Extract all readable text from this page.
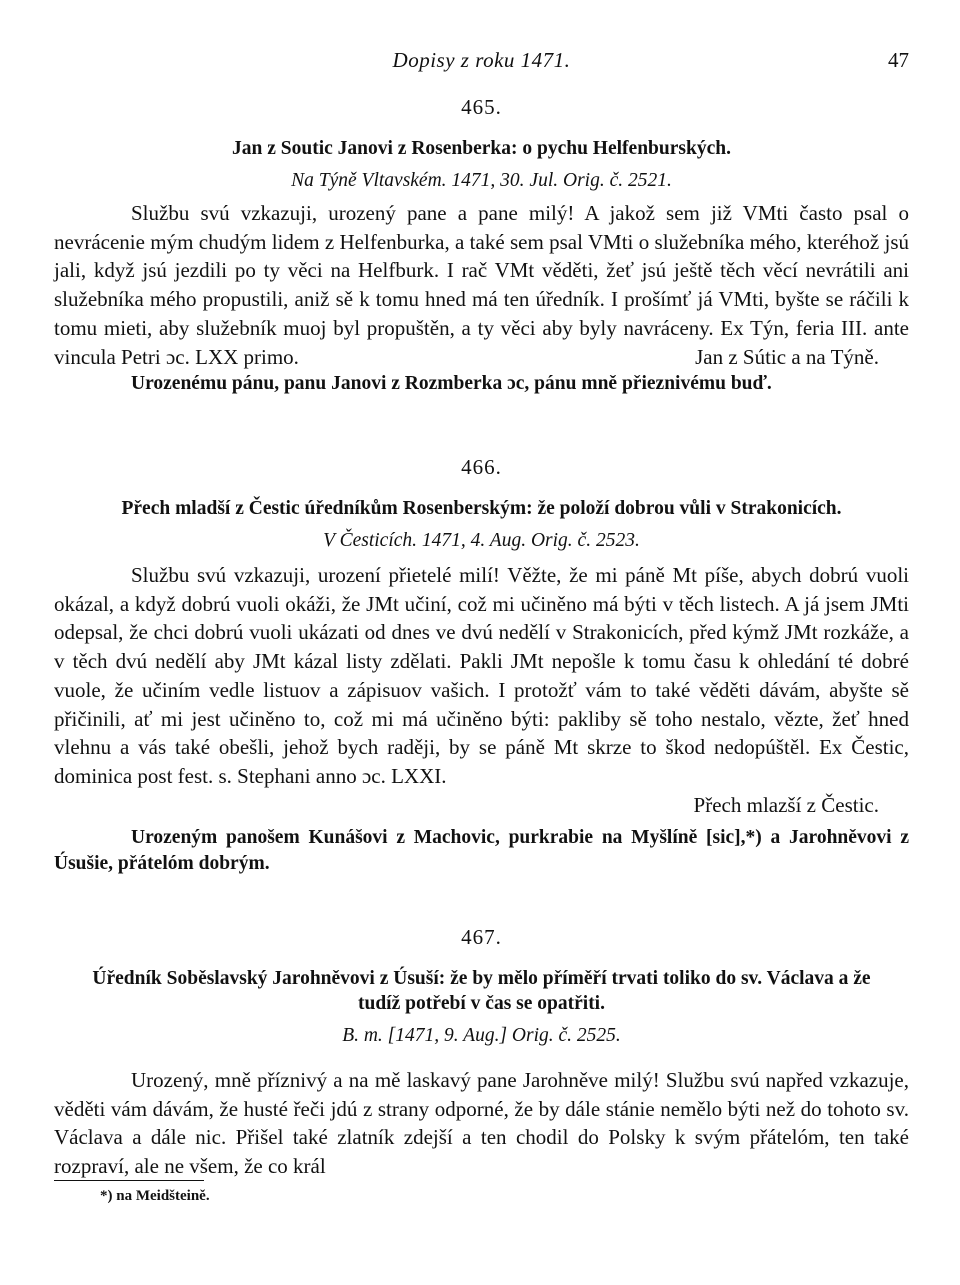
Dopisy z roku 1471.	47
465.
Jan z Soutic Janovi z Rosenberka: o pychu Helfenburských.
Na Týně Vltavském. 1471, 30. Jul. Orig. č. 2521.

Službu svú vzkazuji, urozený pane a pane milý! A jakož sem již VMti často psal o nevrácenie mým chudým lidem z Helfenburka, a také sem psal VMti o služebníka mého, kteréhož jsú jali, když jsú jezdili po ty věci na Helfburk. I rač VMt věděti, žeť jsú ještě těch věcí nevrátili ani služebníka mého propustili, aniž sě k tomu hned má ten úředník. I prošímť já VMti, byšte se ráčili k tomu mieti, aby služebník muoj byl propuštěn, a ty věci aby byly navráceny. Ex Týn, feria III. ante vincula Petri ɔc. LXX primo.	Jan z Sútic a na Týně.
Urozenému pánu, panu Janovi z Rozmberka ɔc, pánu mně přieznivému buď.
466.
Přech mladší z Čestic úředníkům Rosenberským: že položí dobrou vůli v Strakonicích.
V Česticích. 1471, 4. Aug. Orig. č. 2523.

Službu svú vzkazuji, urození přietelé milí! Věžte, že mi páně Mt píše, abych dobrú vuoli okázal, a když dobrú vuoli okáži, že JMt učiní, což mi učiněno má býti v těch listech. A já jsem JMti odepsal, že chci dobrú vuoli ukázati od dnes ve dvú nedělí v Strakonicích, před kýmž JMt rozkáže, a v těch dvú nedělí aby JMt kázal listy zdělati. Pakli JMt nepošle k tomu času k ohledání té dobré vuole, že učiním vedle listuov a zápisuov vašich. I protožť vám to také věděti dávám, abyšte sě přičinili, ať mi jest učiněno to, což mi má učiněno býti: pakliby sě toho nestalo, vězte, žeť hned vlehnu a vás také obešli, jehož bych raději, by se páně Mt skrze to škod nedopúštěl. Ex Čestic, dominica post fest. s. Stephani anno ɔc. LXXI.

Přech mlazší z Čestic.
Urozeným panošem Kunášovi z Machovic, purkrabie na Myšlíně [sic],*) a Jarohněvovi z Úsušie, přátelóm dobrým.
467.
Úředník Soběslavský Jarohněvovi z Úsuší: že by mělo příměří trvati toliko do sv. Václava a že tudíž potřebí v čas se opatřiti.
B. m. [1471, 9. Aug.] Orig. č. 2525.

Urozený, mně příznivý a na mě laskavý pane Jarohněve milý! Službu svú napřed vzkazuje, věděti vám dávám, že husté řeči jdú z strany odporné, že by dále stánie nemělo býti než do tohoto sv. Václava a dále nic. Přišel také zlatník zdejší a ten chodil do Polsky k svým přátelóm, ten také rozpraví, ale ne všem, že co král

*) na Meidšteině.
